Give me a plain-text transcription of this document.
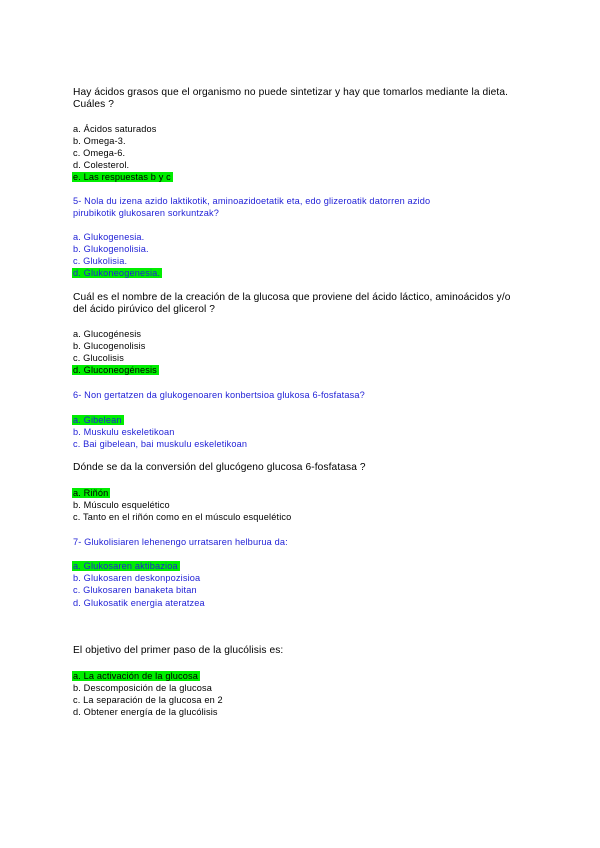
Hay ácidos grasos que el organismo no puede sintetizar y hay que tomarlos mediante la dieta.
Cuáles ?
a. Ácidos saturados
b. Omega-3.
c. Omega-6.
d. Colesterol.
e. Las respuestas b y c
5- Nola du izena azido laktikotik, aminoazidoetatik eta, edo glizeroatik datorren azido
pirubikotik glukosaren sorkuntzak?
a. Glukogenesia.
b. Glukogenolisia.
c. Glukolisia.
d. Glukoneogenesia.
Cuál es el nombre de la creación de la glucosa que proviene del ácido láctico, aminoácidos y/o
del ácido pirúvico del glicerol ?
a. Glucogénesis
b. Glucogenolisis
c. Glucolisis
d. Gluconeogénesis
6- Non gertatzen da glukogenoaren konbertsioa glukosa 6-fosfatasa?
a. Gibelean
b. Muskulu eskeletikoan
c. Bai gibelean, bai muskulu eskeletikoan
Dónde se da la conversión del glucógeno glucosa 6-fosfatasa ?
a. Riñón
b. Músculo esquelético
c. Tanto en el riñón como en el músculo esquelético
7- Glukolisiaren lehenengo urratsaren helburua da:
a. Glukosaren aktibazioa
b. Glukosaren deskonpozisioa
c. Glukosaren banaketa bitan
d. Glukosatik energia ateratzea
El objetivo del primer paso de la glucólisis es:
a. La activación de la glucosa
b. Descomposición de la glucosa
c. La separación de la glucosa en 2
d. Obtener energía de la glucólisis
